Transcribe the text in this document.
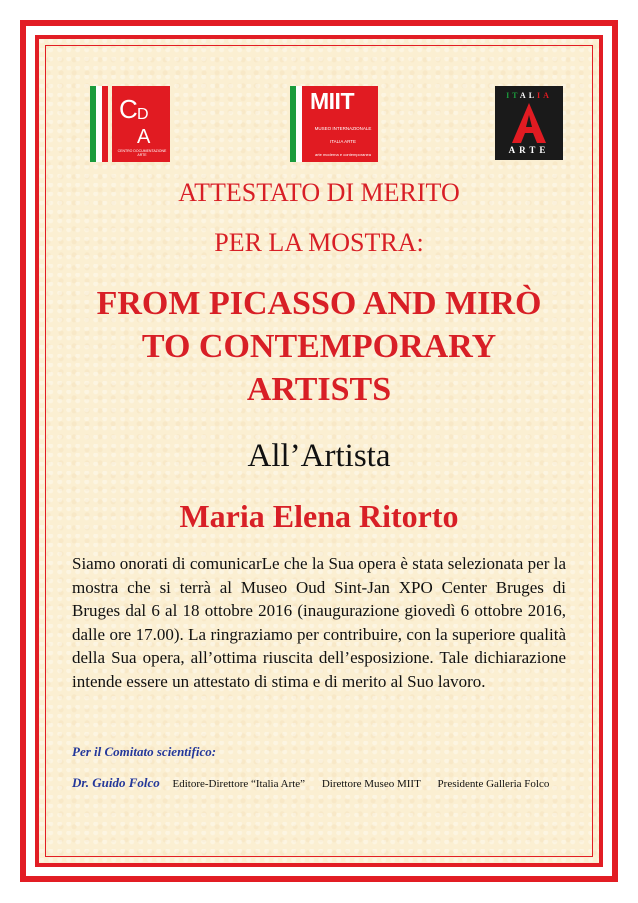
C D
A
CENTRO DOCUMENTAZIONE
ARTE
MIIT
MUSEO INTERNAZIONALE
ITALIA ARTE
arte moderna e contemporanea
ITALIA
ARTE
ATTESTATO DI MERITO
PER LA MOSTRA:
FROM PICASSO AND MIRÒ
TO CONTEMPORARY
ARTISTS
All’Artista
Maria Elena Ritorto
Siamo onorati di comunicarLe che la Sua opera è stata selezionata per la mostra che si terrà al Museo Oud Sint-Jan XPO Center Bruges di Bruges dal 6 al 18 ottobre 2016 (inaugurazione giovedì 6 ottobre 2016, dalle ore 17.00). La ringraziamo per contribuire, con la superiore qualità della Sua opera, all’ottima riuscita dell’esposizione. Tale dichiarazione intende essere un attestato di stima e di merito al Suo lavoro.
Per il Comitato scientifico:
Dr. Guido Folco Editore-Direttore “Italia Arte” Direttore Museo MIIT Presidente Galleria Folco
